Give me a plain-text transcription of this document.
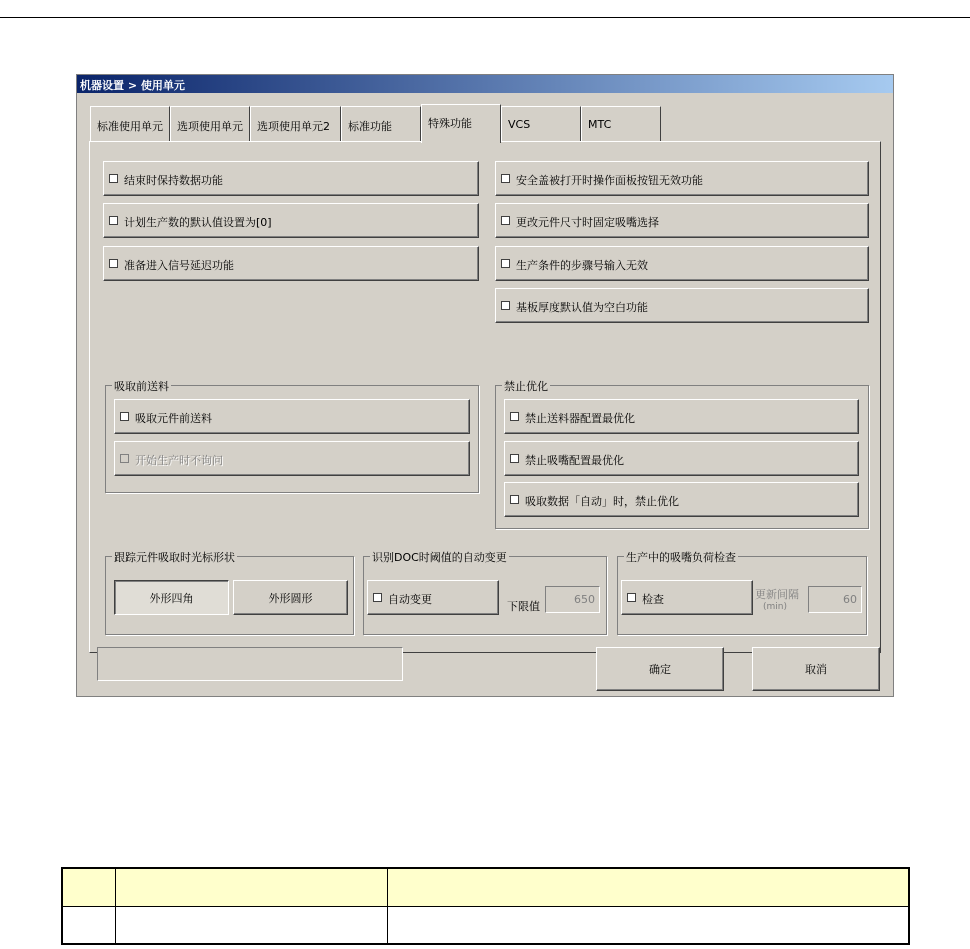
机器设置 > 使用单元
标准使用单元 选项使用单元 选项使用单元2 标准功能	特殊功能	VCS	MTC
结束时保持数据功能
计划生产数的默认值设置为[0]
准备进入信号延迟功能
安全盖被打开时操作面板按钮无效功能
更改元件尺寸时固定吸嘴选择
生产条件的步骤号输入无效
基板厚度默认值为空白功能
吸取前送料
吸取元件前送料
开始生产时不询问
禁止优化
禁止送料器配置最优化
禁止吸嘴配置最优化
吸取数据「自动」时，禁止优化
跟踪元件吸取时光标形状
外形四角	外形圆形
识别DOC时阈值的自动变更
自动变更
下限值
650
生产中的吸嘴负荷检查
检查	更新间隔
(min)
60
确定	取消
